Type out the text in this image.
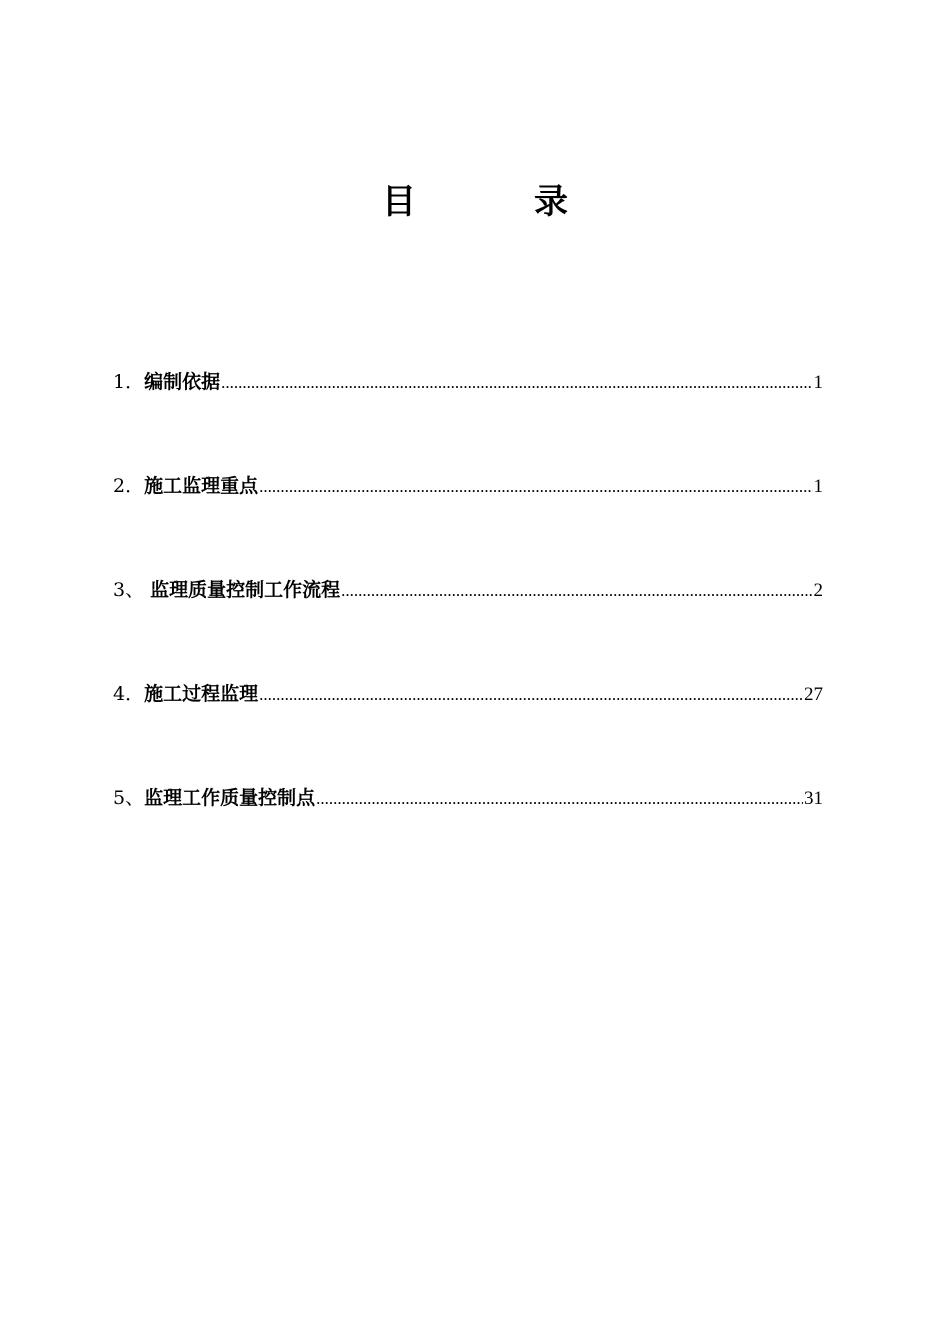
目	录
1．编制依据 .....	1
2．施工监理重点 .....	1
3、 监理质量控制工作流程 .....	2
4．施工过程监理 .....	27
5、监理工作质量控制点 .....	31
